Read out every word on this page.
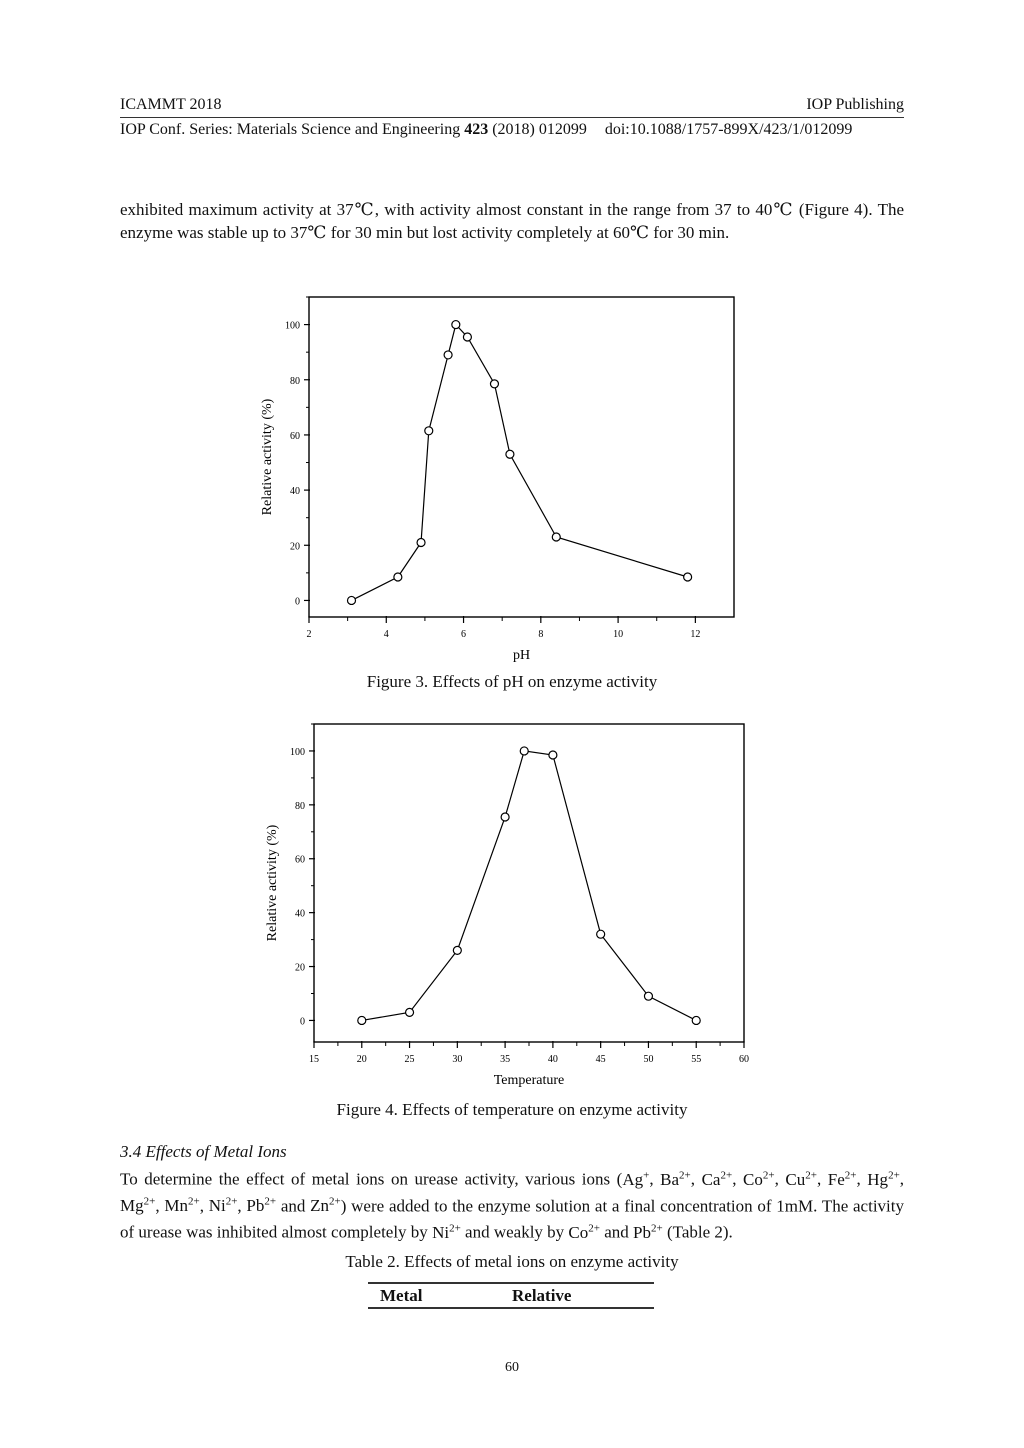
ICAMMT 2018	IOP Publishing
IOP Conf. Series: Materials Science and Engineering 423 (2018) 012099 doi:10.1088/1757-899X/423/1/012099
exhibited maximum activity at 37℃, with activity almost constant in the range from 37 to 40℃ (Figure 4). The enzyme was stable up to 37℃ for 30 min but lost activity completely at 60℃ for 30 min.
0
20
40
60
80
100
2	4	6	8	10	12
pH
Relative activity (%)
Figure 3. Effects of pH on enzyme activity
0
20
40
60
80
100
15	20	25	30	35	40	45	50	55	60
Temperature
Relative activity (%)
Figure 4. Effects of temperature on enzyme activity
3.4 Effects of Metal Ions
To determine the effect of metal ions on urease activity, various ions (Ag+, $Ba^{2+}$, $Ca^{2+}$, $Co^{2+}$, $Cu^{2+}$, $Fe^{2+}$, $Hg^{2+}$, $Mg^{2+}$, $Mn^{2+}$, $Ni^{2+}$, $Pb^{2+}$ and $Zn^{2+}$) were added to the enzyme solution at a final concentration of 1mM. The activity of urease was inhibited almost completely by $Ni^{2+}$ and weakly by $Co^{2+}$ and $Pb^{2+}$ (Table 2).
Table 2. Effects of metal ions on enzyme activity
Metal	Relative
60
